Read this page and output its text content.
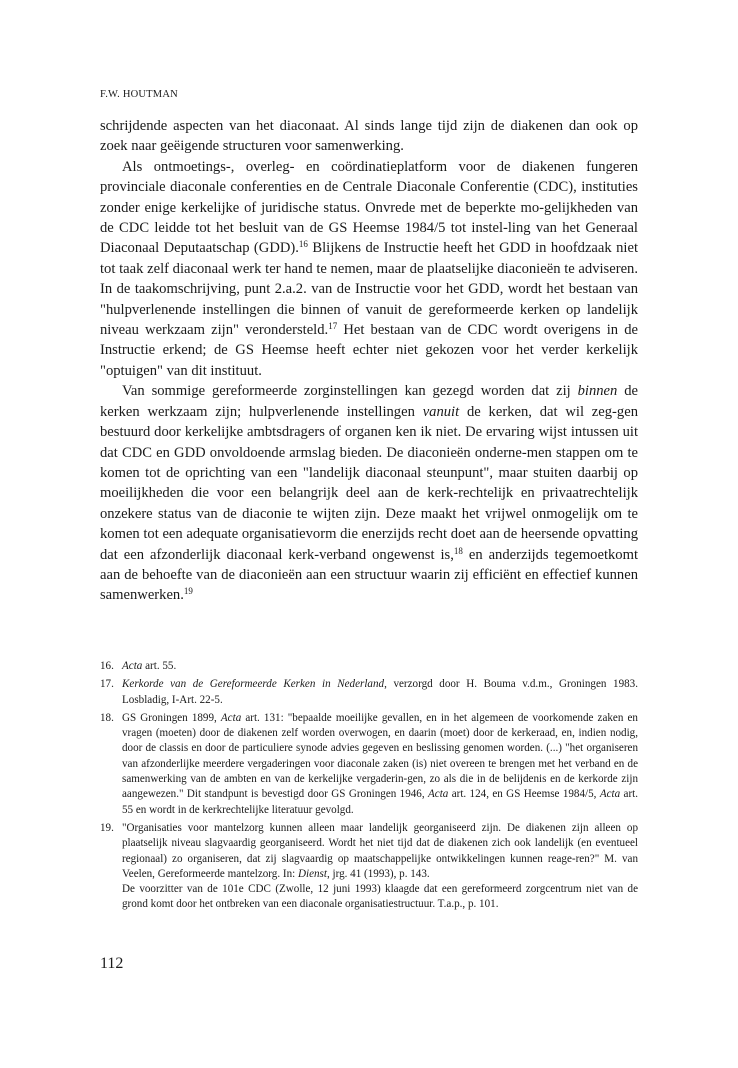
F.W. HOUTMAN

schrijdende aspecten van het diaconaat. Al sinds lange tijd zijn de diakenen dan ook op zoek naar geëigende structuren voor samenwerking.

Als ontmoetings-, overleg- en coördinatieplatform voor de diakenen fungeren provinciale diaconale conferenties en de Centrale Diaconale Conferentie (CDC), instituties zonder enige kerkelijke of juridische status. Onvrede met de beperkte mo-gelijkheden van de CDC leidde tot het besluit van de GS Heemse 1984/5 tot instel-ling van het Generaal Diaconaal Deputaatschap (GDD).$^{16}$ Blijkens de Instructie heeft het GDD in hoofdzaak niet tot taak zelf diaconaal werk ter hand te nemen, maar de plaatselijke diaconieën te adviseren. In de taakomschrijving, punt 2.a.2. van de Instructie voor het GDD, wordt het bestaan van "hulpverlenende instellingen die binnen of vanuit de gereformeerde kerken op landelijk niveau werkzaam zijn" verondersteld.$^{17}$ Het bestaan van de CDC wordt overigens in de Instructie erkend; de GS Heemse heeft echter niet gekozen voor het verder kerkelijk "optuigen" van dit instituut.

Van sommige gereformeerde zorginstellingen kan gezegd worden dat zij binnen de kerken werkzaam zijn; hulpverlenende instellingen vanuit de kerken, dat wil zeg-gen bestuurd door kerkelijke ambtsdragers of organen ken ik niet. De ervaring wijst intussen uit dat CDC en GDD onvoldoende armslag bieden. De diaconieën onderne-men stappen om te komen tot de oprichting van een "landelijk diaconaal steunpunt", maar stuiten daarbij op moeilijkheden die voor een belangrijk deel aan de kerk-rechtelijk en privaatrechtelijk onzekere status van de diaconie te wijten zijn. Deze maakt het vrijwel onmogelijk om te komen tot een adequate organisatievorm die enerzijds recht doet aan de heersende opvatting dat een afzonderlijk diaconaal kerk-verband ongewenst is,$^{18}$ en anderzijds tegemoetkomt aan de behoefte van de diaconieën aan een structuur waarin zij efficiënt en effectief kunnen samenwerken.$^{19}$

16. Acta art. 55.
17. Kerkorde van de Gereformeerde Kerken in Nederland, verzorgd door H. Bouma v.d.m., Groningen 1983. Losbladig, I-Art. 22-5.
18. GS Groningen 1899, Acta art. 131: "bepaalde moeilijke gevallen, en in het algemeen de voorkomende zaken en vragen (moeten) door de diakenen zelf worden overwogen, en daarin (moet) door de kerkeraad, en, indien nodig, door de classis en door de particuliere synode advies gegeven en beslissing genomen worden. (...) "het organiseren van afzonderlijke meerdere vergaderingen voor diaconale zaken (is) niet overeen te brengen met het verband en de samenwerking van de ambten en van de kerkelijke vergaderin-gen, zo als die in de belijdenis en de kerkorde zijn aangewezen." Dit standpunt is bevestigd door GS Groningen 1946, Acta art. 124, en GS Heemse 1984/5, Acta art. 55 en wordt in de kerkrechtelijke literatuur gevolgd.
19. "Organisaties voor mantelzorg kunnen alleen maar landelijk georganiseerd zijn. De diakenen zijn alleen op plaatselijk niveau slagvaardig georganiseerd. Wordt het niet tijd dat de diakenen zich ook landelijk (en eventueel regionaal) zo organiseren, dat zij slagvaardig op maatschappelijke ontwikkelingen kunnen reage-ren?" M. van Veelen, Gereformeerde mantelzorg. In: Dienst, jrg. 41 (1993), p. 143.
De voorzitter van de 101e CDC (Zwolle, 12 juni 1993) klaagde dat een gereformeerd zorgcentrum niet van de grond komt door het ontbreken van een diaconale organisatiestructuur. T.a.p., p. 101.
112
